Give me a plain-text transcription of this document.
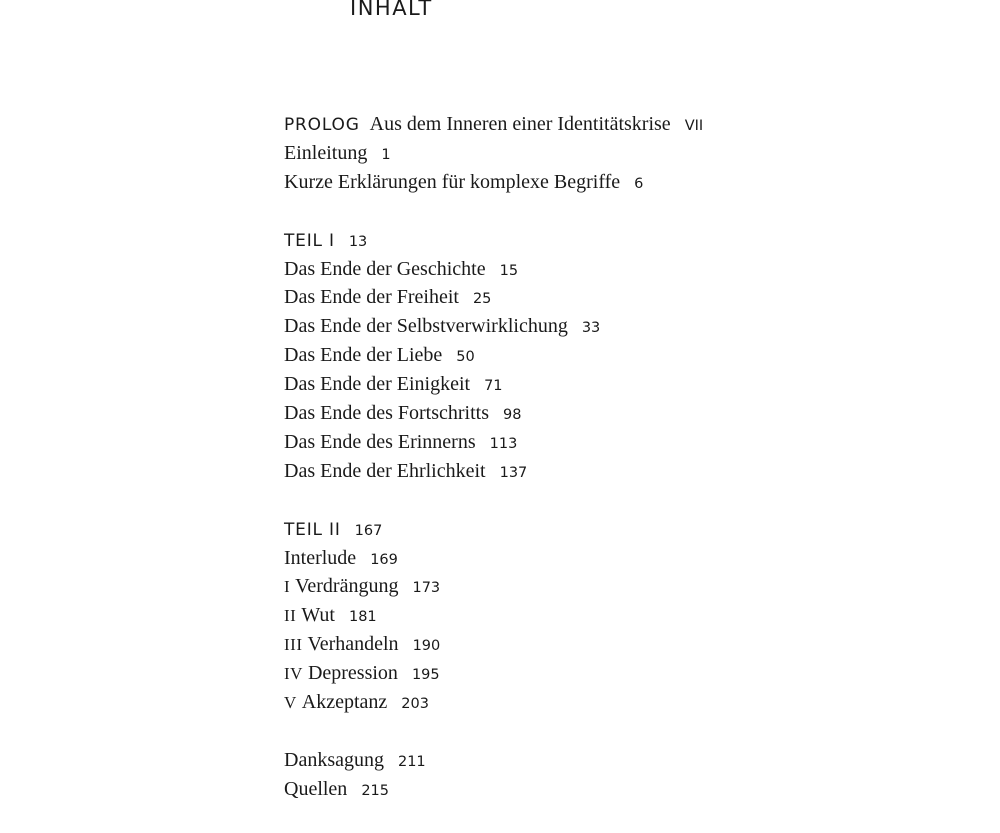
INHALT
PROLOG Aus dem Inneren einer Identitätskrise VII
Einleitung 1
Kurze Erklärungen für komplexe Begriffe 6
TEIL I 13
Das Ende der Geschichte 15
Das Ende der Freiheit 25
Das Ende der Selbstverwirklichung 33
Das Ende der Liebe 50
Das Ende der Einigkeit 71
Das Ende des Fortschritts 98
Das Ende des Erinnerns 113
Das Ende der Ehrlichkeit 137
TEIL II 167
Interlude 169
I Verdrängung 173
II Wut 181
III Verhandeln 190
IV Depression 195
V Akzeptanz 203
Danksagung 211
Quellen 215
